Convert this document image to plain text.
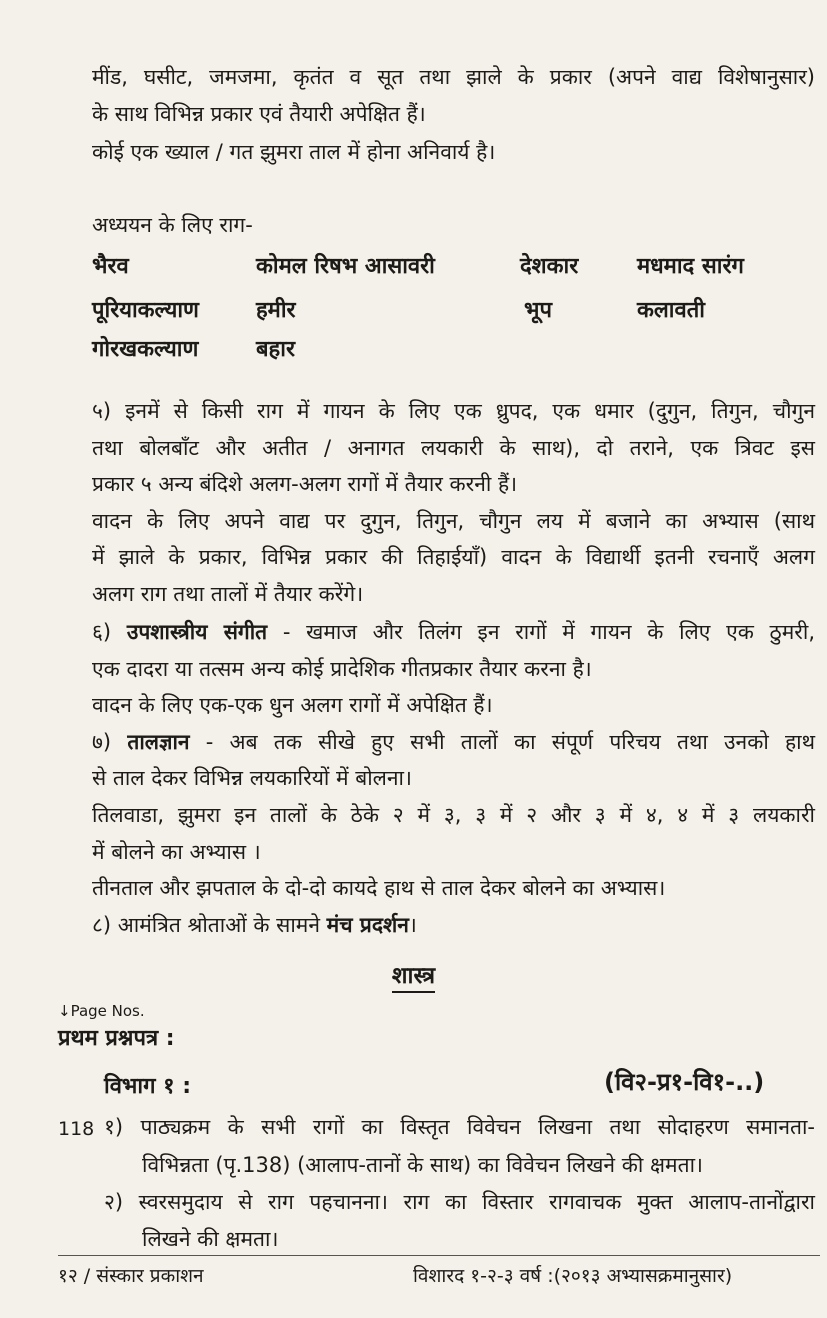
मींड, घसीट, जमजमा, कृतंत व सूत तथा झाले के प्रकार (अपने वाद्य विशेषानुसार)
के साथ विभिन्न प्रकार एवं तैयारी अपेक्षित हैं।
कोई एक ख्याल / गत झुमरा ताल में होना अनिवार्य है।
अध्ययन के लिए राग-
भैरव	कोमल रिषभ आसावरी	देशकार	मधमाद सारंग
पूरियाकल्याण	हमीर	भूप	कलावती
गोरखकल्याण	बहार
५) इनमें से किसी राग में गायन के लिए एक ध्रुपद, एक धमार (दुगुन, तिगुन, चौगुन
तथा बोलबाँट और अतीत / अनागत लयकारी के साथ), दो तराने, एक त्रिवट इस
प्रकार ५ अन्य बंदिशे अलग-अलग रागों में तैयार करनी हैं।
वादन के लिए अपने वाद्य पर दुगुन, तिगुन, चौगुन लय में बजाने का अभ्यास (साथ
में झाले के प्रकार, विभिन्न प्रकार की तिहाईयाँ) वादन के विद्यार्थी इतनी रचनाएँ अलग
अलग राग तथा तालों में तैयार करेंगे।
६) उपशास्त्रीय संगीत - खमाज और तिलंग इन रागों में गायन के लिए एक ठुमरी,
एक दादरा या तत्सम अन्य कोई प्रादेशिक गीतप्रकार तैयार करना है।
वादन के लिए एक-एक धुन अलग रागों में अपेक्षित हैं।
७) तालज्ञान - अब तक सीखे हुए सभी तालों का संपूर्ण परिचय तथा उनको हाथ
से ताल देकर विभिन्न लयकारियों में बोलना।
तिलवाडा, झुमरा इन तालों के ठेके २ में ३, ३ में २ और ३ में ४, ४ में ३ लयकारी
में बोलने का अभ्यास ।
तीनताल और झपताल के दो-दो कायदे हाथ से ताल देकर बोलने का अभ्यास।
८) आमंत्रित श्रोताओं के सामने मंच प्रदर्शन।
शास्त्र
↓Page Nos.
प्रथम प्रश्नपत्र :
विभाग १ :	(वि२-प्र१-वि१-..)
118 १) पाठ्यक्रम के सभी रागों का विस्तृत विवेचन लिखना तथा सोदाहरण समानता-
विभिन्नता (पृ.138) (आलाप-तानों के साथ) का विवेचन लिखने की क्षमता।
२) स्वरसमुदाय से राग पहचानना। राग का विस्तार रागवाचक मुक्त आलाप-तानोंद्वारा
लिखने की क्षमता।
१२ / संस्कार प्रकाशन	विशारद १-२-३ वर्ष :(२०१३ अभ्यासक्रमानुसार)
